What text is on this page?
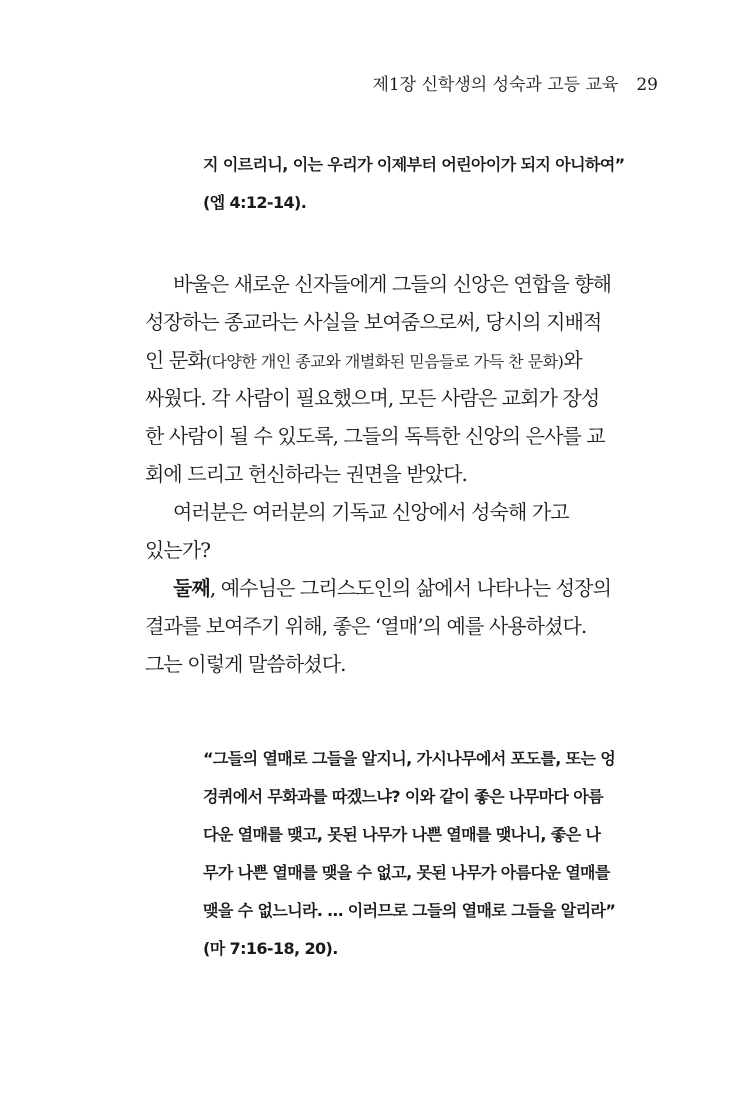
제1장 신학생의 성숙과 고등 교육 29
지 이르리니, 이는 우리가 이제부터 어린아이가 되지 아니하여”
(엡 4:12-14).
바울은 새로운 신자들에게 그들의 신앙은 연합을 향해
성장하는 종교라는 사실을 보여줌으로써, 당시의 지배적
인 문화(다양한 개인 종교와 개별화된 믿음들로 가득 찬 문화)와
싸웠다. 각 사람이 필요했으며, 모든 사람은 교회가 장성
한 사람이 될 수 있도록, 그들의 독특한 신앙의 은사를 교
회에 드리고 헌신하라는 권면을 받았다.
여러분은 여러분의 기독교 신앙에서 성숙해 가고
있는가?
둘째, 예수님은 그리스도인의 삶에서 나타나는 성장의
결과를 보여주기 위해, 좋은 ‘열매’의 예를 사용하셨다.
그는 이렇게 말씀하셨다.
“그들의 열매로 그들을 알지니, 가시나무에서 포도를, 또는 엉
겅퀴에서 무화과를 따겠느냐? 이와 같이 좋은 나무마다 아름
다운 열매를 맺고, 못된 나무가 나쁜 열매를 맺나니, 좋은 나
무가 나쁜 열매를 맺을 수 없고, 못된 나무가 아름다운 열매를
맺을 수 없느니라. … 이러므로 그들의 열매로 그들을 알리라”
(마 7:16-18, 20).
